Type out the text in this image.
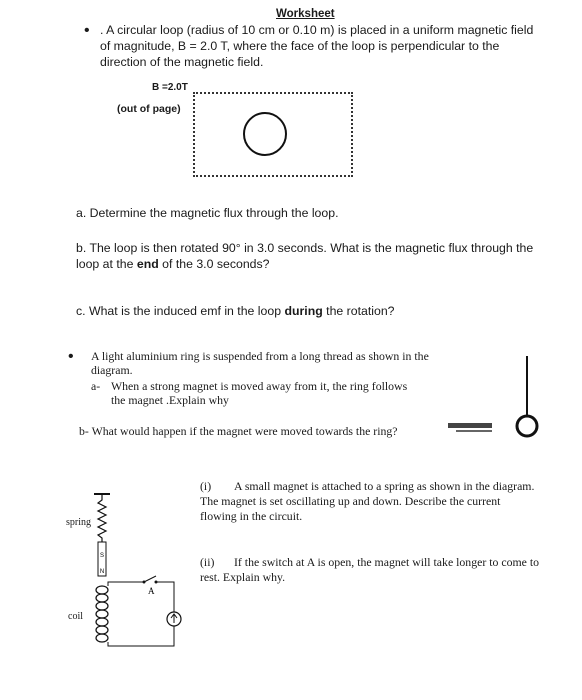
Worksheet
• . A circular loop (radius of 10 cm or 0.10 m) is placed in a uniform magnetic field of magnitude, B = 2.0 T, where the face of the loop is perpendicular to the direction of the magnetic field.
B =2.0T
(out of page)
a. Determine the magnetic flux through the loop.
b. The loop is then rotated 90° in 3.0 seconds. What is the magnetic flux through the loop at the end of the 3.0 seconds?
c. What is the induced emf in the loop during the rotation?
• A light aluminium ring is suspended from a long thread as shown in the diagram.
a- When a strong magnet is moved away from it, the ring follows the magnet .Explain why
b- What would happen if the magnet were moved towards the ring?
(i) A small magnet is attached to a spring as shown in the diagram.
The magnet is set oscillating up and down. Describe the current flowing in the circuit.
(ii) If the switch at A is open, the magnet will take longer to come to rest. Explain why.
spring
coil
S
N
A
